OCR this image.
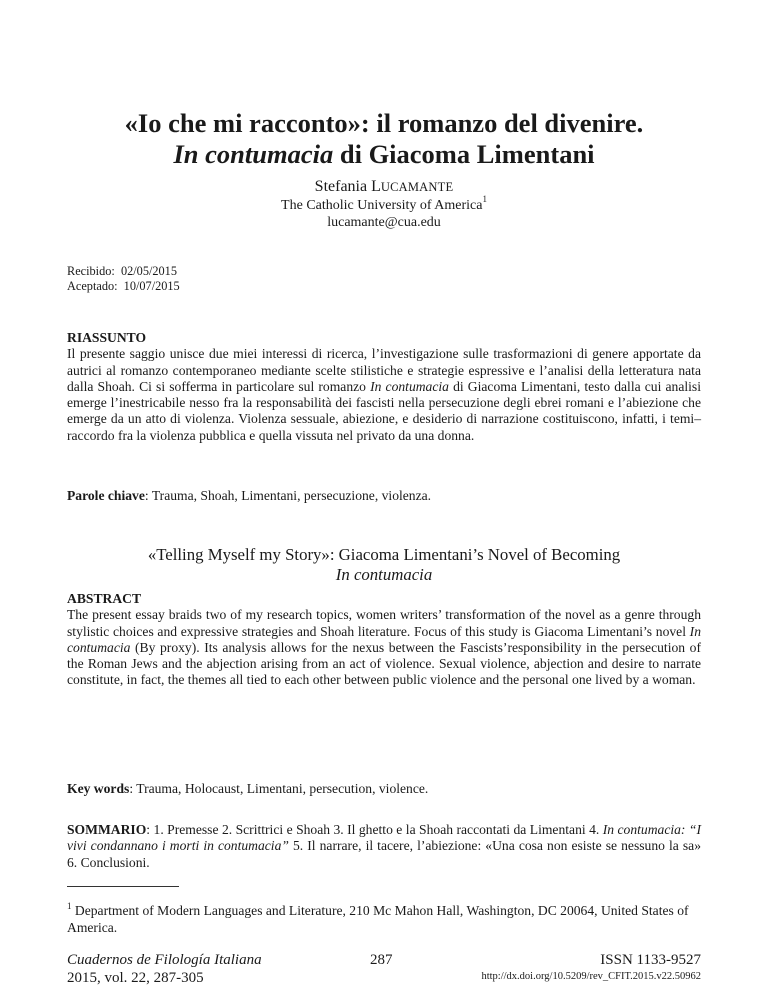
«Io che mi racconto»: il romanzo del divenire.
In contumacia di Giacoma Limentani
Stefania LUCAMANTE
The Catholic University of America$^1$
lucamante@cua.edu
Recibido:  02/05/2015
Aceptado:  10/07/2015
RIASSUNTO
Il presente saggio unisce due miei interessi di ricerca, l’investigazione sulle trasformazioni di genere apportate da autrici al romanzo contemporaneo mediante scelte stilistiche e strategie espressive e l’analisi della letteratura nata dalla Shoah. Ci si sofferma in particolare sul romanzo In contumacia di Giacoma Limentani, testo dalla cui analisi emerge l’inestricabile nesso fra la responsabilità dei fascisti nella persecuzione degli ebrei romani e l’abiezione che emerge da un atto di violenza. Violenza sessuale, abiezione, e desiderio di narrazione costituiscono, infatti, i temi–raccordo fra la violenza pubblica e quella vissuta nel privato da una donna.
Parole chiave: Trauma, Shoah, Limentani, persecuzione, violenza.
«Telling Myself my Story»: Giacoma Limentani’s Novel of Becoming
In contumacia
ABSTRACT
The present essay braids two of my research topics, women writers’ transformation of the novel as a genre through stylistic choices and expressive strategies and Shoah literature. Focus of this study is Giacoma Limentani’s novel In contumacia (By proxy). Its analysis allows for the nexus between the Fascists’responsibility in the persecution of the Roman Jews and the abjection arising from an act of violence. Sexual violence, abjection and desire to narrate constitute, in fact, the themes all tied to each other between public violence and the personal one lived by a woman.
Key words: Trauma, Holocaust, Limentani, persecution, violence.
SOMMARIO: 1. Premesse 2. Scrittrici e Shoah 3. Il ghetto e la Shoah raccontati da Limentani 4. In contumacia: “I vivi condannano i morti in contumacia” 5. Il narrare, il tacere, l’abiezione: «Una cosa non esiste se nessuno la sa» 6. Conclusioni.
$^1$ Department of Modern Languages and Literature, 210 Mc Mahon Hall, Washington, DC 20064, United States of America.
Cuadernos de Filología Italiana
2015, vol. 22, 287-305
287	ISSN 1133-9527
http://dx.doi.org/10.5209/rev_CFIT.2015.v22.50962
